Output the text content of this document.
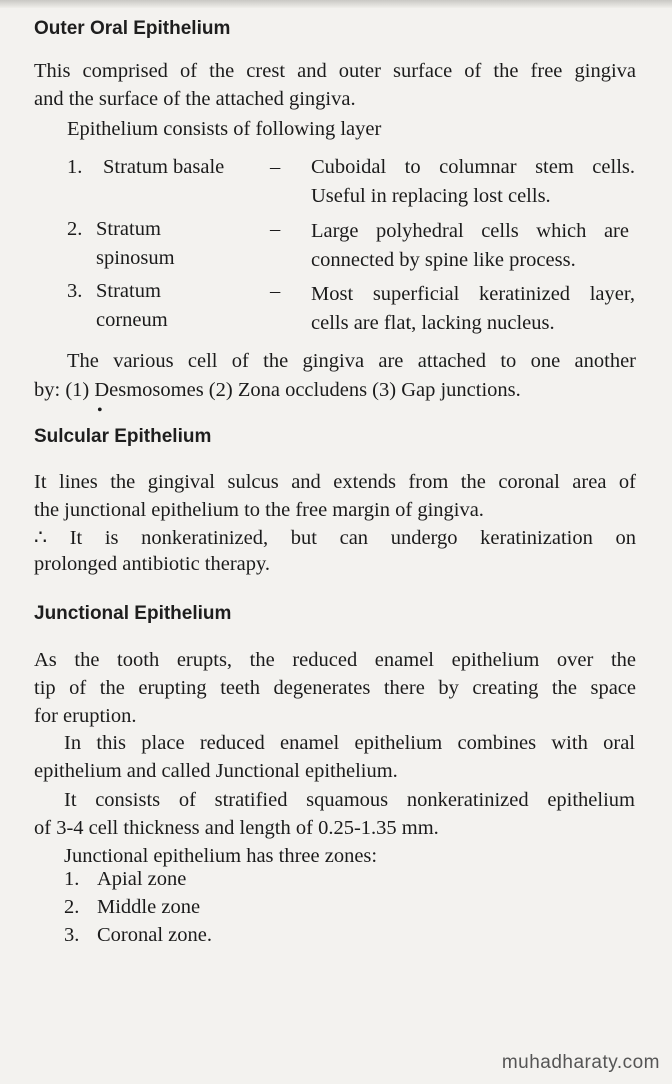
Outer Oral Epithelium
This comprised of the crest and outer surface of the free gingiva
and the surface of the attached gingiva.
Epithelium consists of following layer
1. Stratum basale – Cuboidal to columnar stem cells.
Useful in replacing lost cells.
2. Stratum
spinosum
– Large polyhedral cells which are
connected by spine like process.
3. Stratum
corneum
– Most superficial keratinized layer,
cells are flat, lacking nucleus.
The various cell of the gingiva are attached to one another
by: (1) Desmosomes (2) Zona occludens (3) Gap junctions.
•
Sulcular Epithelium
It lines the gingival sulcus and extends from the coronal area of
the junctional epithelium to the free margin of gingiva.
∴ It is nonkeratinized, but can undergo keratinization on
prolonged antibiotic therapy.
Junctional Epithelium
As the tooth erupts, the reduced enamel epithelium over the
tip of the erupting teeth degenerates there by creating the space
for eruption.
In this place reduced enamel epithelium combines with oral
epithelium and called Junctional epithelium.
It consists of stratified squamous nonkeratinized epithelium
of 3-4 cell thickness and length of 0.25-1.35 mm.
Junctional epithelium has three zones:
1. Apial zone
2. Middle zone
3. Coronal zone.
muhadharaty.com
